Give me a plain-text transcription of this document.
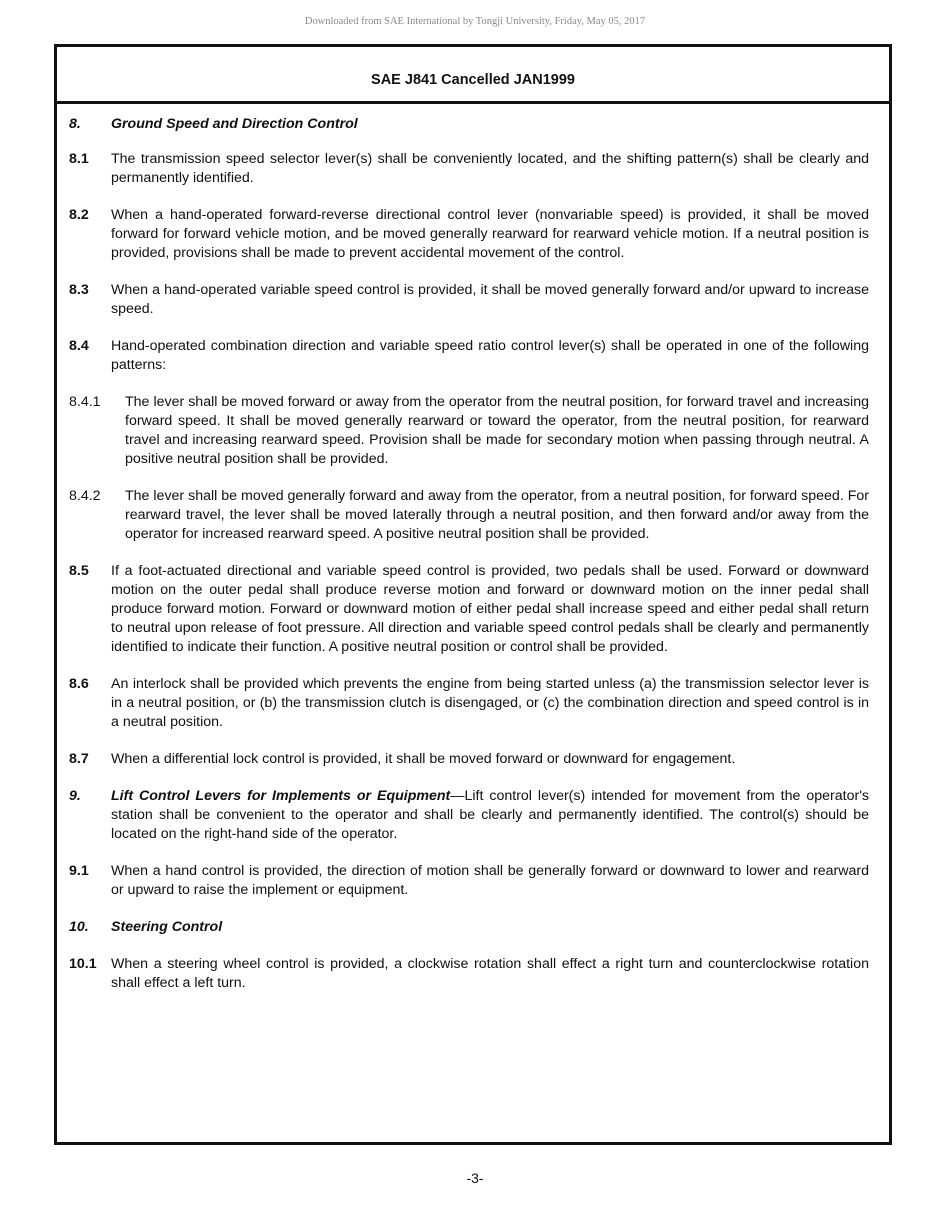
Downloaded from SAE International by Tongji University, Friday, May 05, 2017
SAE J841 Cancelled JAN1999
8.	Ground Speed and Direction Control
8.1	The transmission speed selector lever(s) shall be conveniently located, and the shifting pattern(s) shall be clearly and permanently identified.
8.2	When a hand-operated forward-reverse directional control lever (nonvariable speed) is provided, it shall be moved forward for forward vehicle motion, and be moved generally rearward for rearward vehicle motion. If a neutral position is provided, provisions shall be made to prevent accidental movement of the control.
8.3	When a hand-operated variable speed control is provided, it shall be moved generally forward and/or upward to increase speed.
8.4	Hand-operated combination direction and variable speed ratio control lever(s) shall be operated in one of the following patterns:
8.4.1	The lever shall be moved forward or away from the operator from the neutral position, for forward travel and increasing forward speed. It shall be moved generally rearward or toward the operator, from the neutral position, for rearward travel and increasing rearward speed. Provision shall be made for secondary motion when passing through neutral. A positive neutral position shall be provided.
8.4.2	The lever shall be moved generally forward and away from the operator, from a neutral position, for forward speed. For rearward travel, the lever shall be moved laterally through a neutral position, and then forward and/or away from the operator for increased rearward speed. A positive neutral position shall be provided.
8.5	If a foot-actuated directional and variable speed control is provided, two pedals shall be used. Forward or downward motion on the outer pedal shall produce reverse motion and forward or downward motion on the inner pedal shall produce forward motion. Forward or downward motion of either pedal shall increase speed and either pedal shall return to neutral upon release of foot pressure. All direction and variable speed control pedals shall be clearly and permanently identified to indicate their function. A positive neutral position or control shall be provided.
8.6	An interlock shall be provided which prevents the engine from being started unless (a) the transmission selector lever is in a neutral position, or (b) the transmission clutch is disengaged, or (c) the combination direction and speed control is in a neutral position.
8.7	When a differential lock control is provided, it shall be moved forward or downward for engagement.
9.	Lift Control Levers for Implements or Equipment—Lift control lever(s) intended for movement from the operator's station shall be convenient to the operator and shall be clearly and permanently identified. The control(s) should be located on the right-hand side of the operator.
9.1	When a hand control is provided, the direction of motion shall be generally forward or downward to lower and rearward or upward to raise the implement or equipment.
10.	Steering Control
10.1	When a steering wheel control is provided, a clockwise rotation shall effect a right turn and counterclockwise rotation shall effect a left turn.
-3-
